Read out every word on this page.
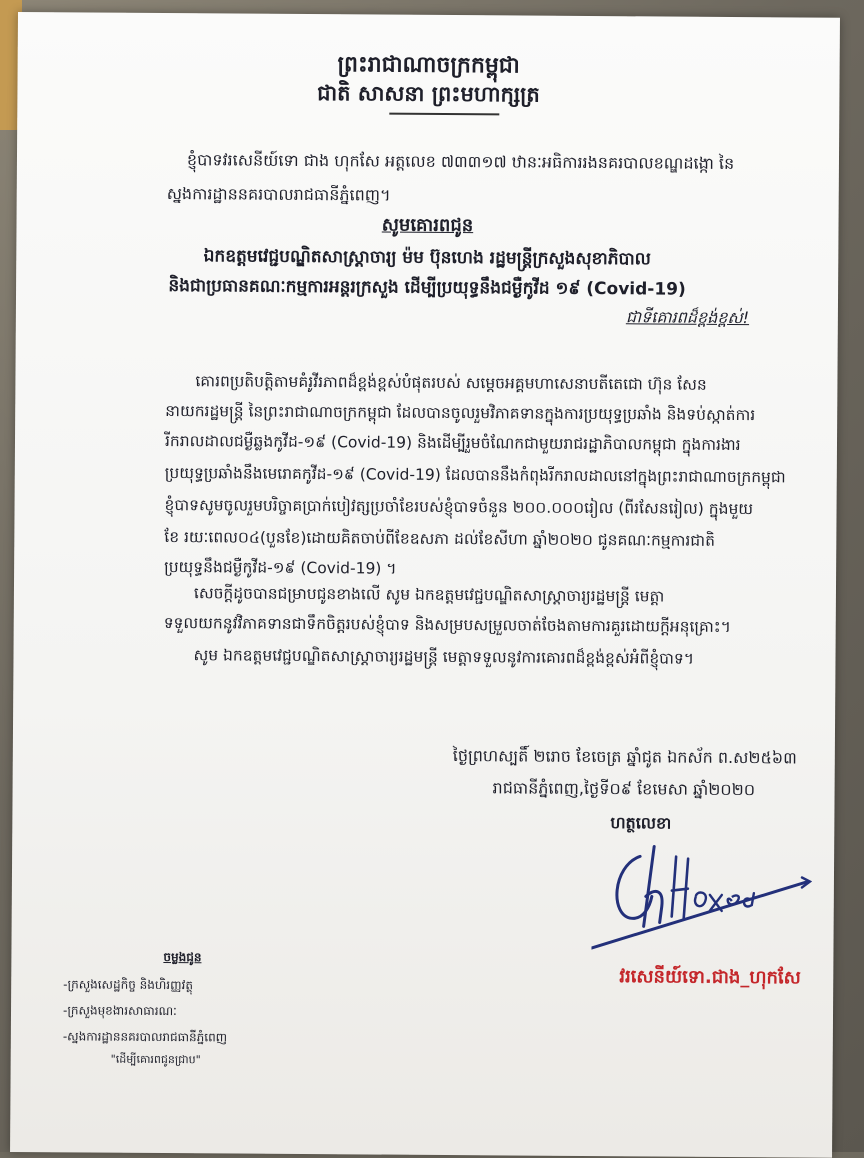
ព្រះរាជាណាចក្រកម្ពុជា
ជាតិ សាសនា ព្រះមហាក្សត្រ
ខ្ញុំបាទវរសេនីយ៍ទោ ជាង ហុកសែ អត្តលេខ ៧៣៣១៧ ឋានៈអធិការរងនគរបាលខណ្ឌដង្កោ នៃ
ស្នងការដ្ឋាននគរបាលរាជធានីភ្នំពេញ។
សូមគោរពជូន
ឯកឧត្តមវេជ្ជបណ្ឌិតសាស្ត្រាចារ្យ ម៉ម ប៊ុនហេង រដ្ឋមន្ត្រីក្រសួងសុខាភិបាល
និងជាប្រធានគណៈកម្មការអន្តរក្រសួង ដើម្បីប្រយុទ្ធនឹងជម្ងឺកូវីដ ១៩ (Covid-19)
ជាទីគោរពដ៏ខ្ពង់ខ្ពស់!
គោរពប្រតិបត្តិតាមគំរូវីរភាពដ៏ខ្ពង់ខ្ពស់បំផុតរបស់ សម្តេចអគ្គមហាសេនាបតីតេជោ ហ៊ុន សែន
នាយករដ្ឋមន្ត្រី នៃព្រះរាជាណាចក្រកម្ពុជា ដែលបានចូលរួមវិភាគទានក្នុងការប្រយុទ្ធប្រឆាំង និងទប់ស្កាត់ការ
រីករាលដាលជម្ងឺឆ្លងកូវីដ-១៩ (Covid-19) និងដើម្បីរួមចំណែកជាមួយរាជរដ្ឋាភិបាលកម្ពុជា ក្នុងការងារ
ប្រយុទ្ធប្រឆាំងនឹងមេរោគកូវីដ-១៩ (Covid-19) ដែលបាននឹងកំពុងរីករាលដាលនៅក្នុងព្រះរាជាណាចក្រកម្ពុជា
ខ្ញុំបាទសូមចូលរួមបរិច្ចាគប្រាក់បៀវត្សប្រចាំខែរបស់ខ្ញុំបាទចំនួន ២០០.០០០រៀល (ពីរសែនរៀល) ក្នុងមួយ
ខែ រយៈពេល០៤(បួនខែ)ដោយគិតចាប់ពីខែឧសភា ដល់ខែសីហា ឆ្នាំ២០២០ ជូនគណៈកម្មការជាតិ
ប្រយុទ្ធនឹងជម្ងឺកូវីដ-១៩ (Covid-19) ។
សេចក្តីដូចបានជម្រាបជូនខាងលើ សូម ឯកឧត្តមវេជ្ជបណ្ឌិតសាស្ត្រាចារ្យរដ្ឋមន្ត្រី មេត្តា
ទទួលយកនូវវិភាគទានជាទឹកចិត្តរបស់ខ្ញុំបាទ និងសម្របសម្រួលចាត់ចែងតាមការគួរដោយក្តីអនុគ្រោះ។
សូម ឯកឧត្តមវេជ្ជបណ្ឌិតសាស្ត្រាចារ្យរដ្ឋមន្ត្រី មេត្តាទទួលនូវការគោរពដ៏ខ្ពង់ខ្ពស់អំពីខ្ញុំបាទ។
ថ្ងៃព្រហស្បតិ៍ ២រោច ខែចេត្រ ឆ្នាំជូត ឯកស័ក ព.ស២៥៦៣
រាជធានីភ្នំពេញ,ថ្ងៃទី០៩ ខែមេសា ឆ្នាំ២០២០
ហត្ថលេខា
វរសេនីយ៍ទោ.ជាង_ហុកសែ
ចម្លងជូន
-ក្រសួងសេដ្ឋកិច្ច និងហិរញ្ញវត្ថុ
-ក្រសួងមុខងារសាធារណៈ
-ស្នងការដ្ឋាននគរបាលរាជធានីភ្នំពេញ
"ដើម្បីគោរពជូនជ្រាប"
